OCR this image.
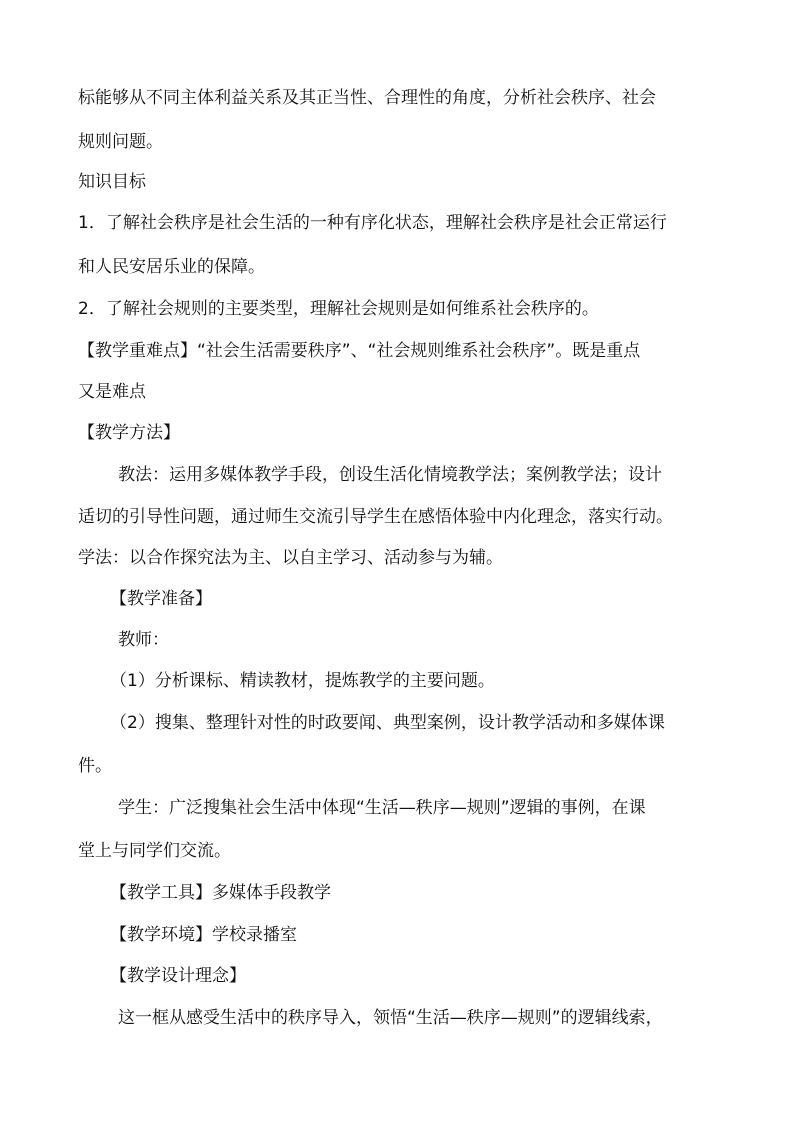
标能够从不同主体利益关系及其正当性、合理性的角度，分析社会秩序、社会
规则问题。
知识目标
1．了解社会秩序是社会生活的一种有序化状态，理解社会秩序是社会正常运行
和人民安居乐业的保障。
2．了解社会规则的主要类型，理解社会规则是如何维系社会秩序的。
【教学重难点】“社会生活需要秩序”、“社会规则维系社会秩序”。既是重点
又是难点
【教学方法】
教法：运用多媒体教学手段，创设生活化情境教学法；案例教学法；设计
适切的引导性问题，通过师生交流引导学生在感悟体验中内化理念，落实行动。
学法：以合作探究法为主、以自主学习、活动参与为辅。
【教学准备】
教师：
（1）分析课标、精读教材，提炼教学的主要问题。
（2）搜集、整理针对性的时政要闻、典型案例，设计教学活动和多媒体课
件。
学生：广泛搜集社会生活中体现“生活—秩序—规则”逻辑的事例，在课
堂上与同学们交流。
【教学工具】多媒体手段教学
【教学环境】学校录播室
【教学设计理念】
这一框从感受生活中的秩序导入，领悟“生活—秩序—规则”的逻辑线索，
